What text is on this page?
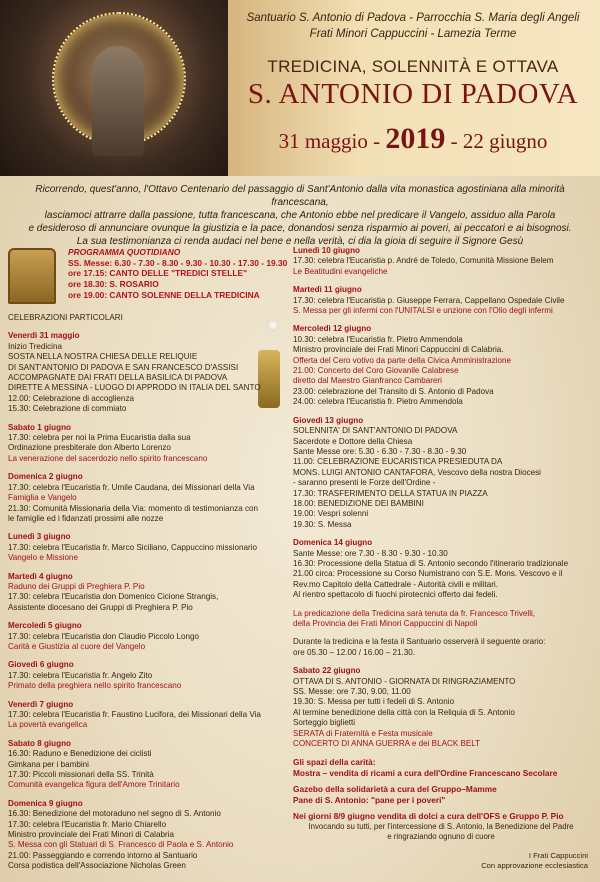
Santuario S. Antonio di Padova - Parrocchia S. Maria degli Angeli
Frati Minori Cappuccini - Lamezia Terme
TREDICINA, SOLENNITÀ E OTTAVA
S. ANTONIO DI PADOVA
31 maggio - 2019 - 22 giugno
Ricorrendo, quest'anno, l'Ottavo Centenario del passaggio di Sant'Antonio dalla vita monastica agostiniana alla minorità francescana,
lasciamoci attrarre dalla passione, tutta francescana, che Antonio ebbe nel predicare il Vangelo, assiduo alla Parola
e desideroso di annunciare ovunque la giustizia e la pace, donandosi senza risparmio ai poveri, ai peccatori e ai bisognosi.
La sua testimonianza ci renda audaci nel bene e nella verità, ci dia la gioia di seguire il Signore Gesù
PROGRAMMA QUOTIDIANO
SS. Messe: 6.30 - 7.30 - 8.30 - 9.30 - 10.30 - 17.30 - 19.30
ore 17.15: CANTO DELLE "TREDICI STELLE"
ore 18.30: S. ROSARIO
ore 19.00: CANTO SOLENNE DELLA TREDICINA
CELEBRAZIONI PARTICOLARI
Venerdì 31 maggio
Inizio Tredicina
SOSTA NELLA NOSTRA CHIESA DELLE RELIQUIE
DI SANT'ANTONIO DI PADOVA E SAN FRANCESCO D'ASSISI
ACCOMPAGNATE DAI FRATI DELLA BASILICA DI PADOVA
DIRETTE A MESSINA - LUOGO DI APPRODO IN ITALIA DEL SANTO
12.00: Celebrazione di accoglienza
15.30: Celebrazione di commiato
Sabato 1 giugno
17.30: celebra per noi la Prima Eucaristia dalla sua
Ordinazione presbiterale don Alberto Lorenzo
La venerazione del sacerdozio nello spirito francescano
Domenica 2 giugno
17.30: celebra l'Eucaristia fr. Umile Caudana, dei Missionari della Via
Famiglia e Vangelo
21.30: Comunità Missionaria della Via: momento di testimonianza con
le famiglie ed i fidanzati prossimi alle nozze
Lunedì 3 giugno
17.30: celebra l'Eucaristia fr. Marco Siciliano, Cappuccino missionario
Vangelo e Missione
Martedì 4 giugno
Raduno dei Gruppi di Preghiera P. Pio
17.30: celebra l'Eucaristia don Domenico Cicione Strangis,
Assistente diocesano dei Gruppi di Preghiera P. Pio
Mercoledì 5 giugno
17.30: celebra l'Eucaristia don Claudio Piccolo Longo
Carità e Giustizia al cuore del Vangelo
Giovedì 6 giugno
17.30: celebra l'Eucaristia fr. Angelo Zito
Primato della preghiera nello spirito francescano
Venerdì 7 giugno
17.30: celebra l'Eucaristia fr. Faustino Lucifora, dei Missionari della Via
La povertà evangelica
Sabato 8 giugno
16.30: Raduno e Benedizione dei ciclisti
Gimkana per i bambini
17.30: Piccoli missionari della SS. Trinità
Comunità evangelica figura dell'Amore Trinitario
Domenica 9 giugno
16.30: Benedizione del motoraduno nel segno di S. Antonio
17.30: celebra l'Eucaristia fr. Mario Chiarello
Ministro provinciale dei Frati Minori di Calabria
S. Messa con gli Statuari di S. Francesco di Paola e S. Antonio
21.00: Passeggiando e correndo intorno al Santuario
Corsa podistica dell'Associazione Nicholas Green
Lunedì 10 giugno
17.30: celebra l'Eucaristia p. André de Toledo, Comunità Missione Belem
Le Beatitudini evangeliche
Martedì 11 giugno
17.30: celebra l'Eucaristia p. Giuseppe Ferrara, Cappellano Ospedale Civile
S. Messa per gli infermi con l'UNITALSI e unzione con l'Olio degli infermi
Mercoledì 12 giugno
10.30: celebra l'Eucaristia fr. Pietro Ammendola
Ministro provinciale dei Frati Minori Cappuccini di Calabria.
Offerta del Cero votivo da parte della Civica Amministrazione
21.00: Concerto del Coro Giovanile Calabrese
diretto dal Maestro Gianfranco Cambareri
23.00: celebrazione del Transito di S. Antonio di Padova
24.00: celebra l'Eucaristia fr. Pietro Ammendola
Giovedì 13 giugno
SOLENNITA' DI SANT'ANTONIO DI PADOVA
Sacerdote e Dottore della Chiesa
Sante Messe ore: 5.30 - 6.30 - 7.30 - 8.30 - 9.30
11.00: CELEBRAZIONE EUCARISTICA PRESIEDUTA DA
MONS. LUIGI ANTONIO CANTAFORA, Vescovo della nostra Diocesi
- saranno presenti le Forze dell'Ordine -
17.30: TRASFERIMENTO DELLA STATUA IN PIAZZA
18.00: BENEDIZIONE DEI BAMBINI
19.00: Vespri solenni
19.30: S. Messa
Domenica 14 giugno
Sante Messe: ore 7.30 - 8.30 - 9.30 - 10.30
16.30: Processione della Statua di S. Antonio secondo l'itinerario tradizionale
21.00 circa: Processione su Corso Numistrano con S.E. Mons. Vescovo e il
Rev.mo Capitolo della Cattedrale - Autorità civili e militari.
Al rientro spettacolo di fuochi pirotecnici offerto dai fedeli.
La predicazione della Tredicina sarà tenuta da fr. Francesco Trivelli,
della Provincia dei Frati Minori Cappuccini di Napoli
Durante la tredicina e la festa il Santuario osserverà il seguente orario:
ore 05.30 – 12.00 / 16.00 – 21.30.
Sabato 22 giugno
OTTAVA DI S. ANTONIO - GIORNATA DI RINGRAZIAMENTO
SS. Messe: ore 7.30, 9.00, 11.00
19.30: S. Messa per tutti i fedeli di S. Antonio
Al termine benedizione della città con la Reliquia di S. Antonio
Sorteggio biglietti
SERATA di Fraternità e Festa musicale
CONCERTO DI ANNA GUERRA e dei BLACK BELT
Gli spazi della carità:
Mostra – vendita di ricami a cura dell'Ordine Francescano Secolare
Gazebo della solidarietà a cura del Gruppo–Mamme
Pane di S. Antonio: "pane per i poveri"
Nei giorni 8/9 giugno vendita di dolci a cura dell'OFS e Gruppo P. Pio
Invocando su tutti, per l'intercessione di S. Antonio, la Benedizione del Padre
e ringraziando ognuno di cuore
I Frati Cappuccini
Con approvazione ecclesiastica
